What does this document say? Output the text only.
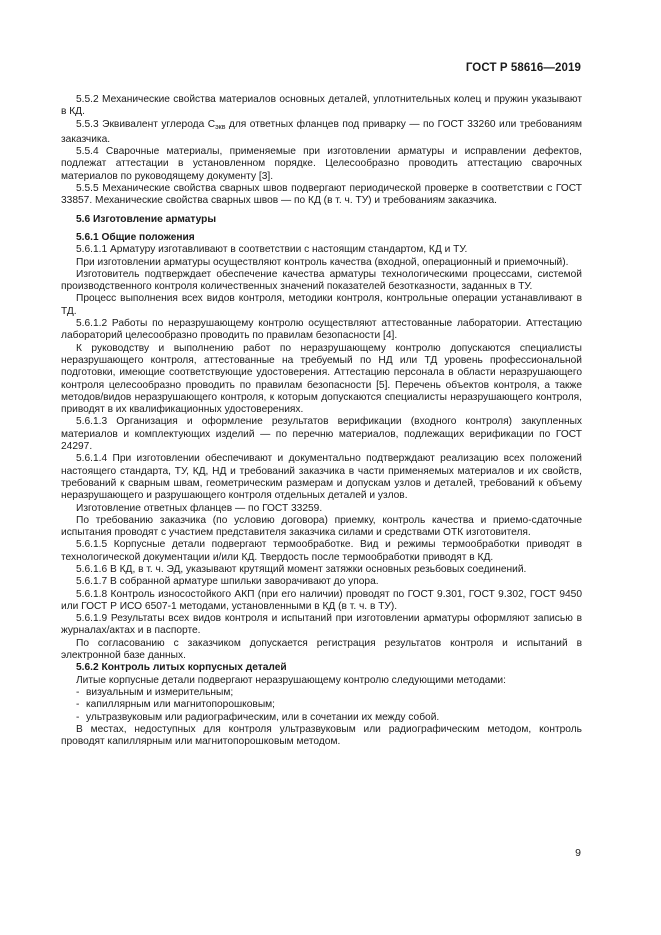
ГОСТ Р 58616—2019

5.5.2 Механические свойства материалов основных деталей, уплотнительных колец и пружин указывают в КД.

5.5.3 Эквивалент углерода $С_{экв}$ для ответных фланцев под приварку — по ГОСТ 33260 или требованиям заказчика.

5.5.4 Сварочные материалы, применяемые при изготовлении арматуры и исправлении дефектов, подлежат аттестации в установленном порядке. Целесообразно проводить аттестацию сварочных материалов по руководящему документу [3].

5.5.5 Механические свойства сварных швов подвергают периодической проверке в соответствии с ГОСТ 33857. Механические свойства сварных швов — по КД (в т. ч. ТУ) и требованиям заказчика.

5.6 Изготовление арматуры

5.6.1 Общие положения

5.6.1.1 Арматуру изготавливают в соответствии с настоящим стандартом, КД и ТУ.

При изготовлении арматуры осуществляют контроль качества (входной, операционный и приемочный).

Изготовитель подтверждает обеспечение качества арматуры технологическими процессами, системой производственного контроля количественных значений показателей безотказности, заданных в ТУ.

Процесс выполнения всех видов контроля, методики контроля, контрольные операции устанавливают в ТД.

5.6.1.2 Работы по неразрушающему контролю осуществляют аттестованные лаборатории. Аттестацию лабораторий целесообразно проводить по правилам безопасности [4].

К руководству и выполнению работ по неразрушающему контролю допускаются специалисты неразрушающего контроля, аттестованные на требуемый по НД или ТД уровень профессиональной подготовки, имеющие соответствующие удостоверения. Аттестацию персонала в области неразрушающего контроля целесообразно проводить по правилам безопасности [5]. Перечень объектов контроля, а также методов/видов неразрушающего контроля, к которым допускаются специалисты неразрушающего контроля, приводят в их квалификационных удостоверениях.

5.6.1.3 Организация и оформление результатов верификации (входного контроля) закупленных материалов и комплектующих изделий — по перечню материалов, подлежащих верификации по ГОСТ 24297.

5.6.1.4 При изготовлении обеспечивают и документально подтверждают реализацию всех положений настоящего стандарта, ТУ, КД, НД и требований заказчика в части применяемых материалов и их свойств, требований к сварным швам, геометрическим размерам и допускам узлов и деталей, требований к объему неразрушающего и разрушающего контроля отдельных деталей и узлов.

Изготовление ответных фланцев — по ГОСТ 33259.

По требованию заказчика (по условию договора) приемку, контроль качества и приемо-сдаточные испытания проводят с участием представителя заказчика силами и средствами ОТК изготовителя.

5.6.1.5 Корпусные детали подвергают термообработке. Вид и режимы термообработки приводят в технологической документации и/или КД. Твердость после термообработки приводят в КД.

5.6.1.6 В КД, в т. ч. ЭД, указывают крутящий момент затяжки основных резьбовых соединений.

5.6.1.7 В собранной арматуре шпильки заворачивают до упора.

5.6.1.8 Контроль износостойкого АКП (при его наличии) проводят по ГОСТ 9.301, ГОСТ 9.302, ГОСТ 9450 или ГОСТ Р ИСО 6507-1 методами, установленными в КД (в т. ч. в ТУ).

5.6.1.9 Результаты всех видов контроля и испытаний при изготовлении арматуры оформляют записью в журналах/актах и в паспорте.

По согласованию с заказчиком допускается регистрация результатов контроля и испытаний в электронной базе данных.

5.6.2 Контроль литых корпусных деталей

Литые корпусные детали подвергают неразрушающему контролю следующими методами:

- визуальным и измерительным;

- капиллярным или магнитопорошковым;

- ультразвуковым или радиографическим, или в сочетании их между собой.

В местах, недоступных для контроля ультразвуковым или радиографическим методом, контроль проводят капиллярным или магнитопорошковым методом.

9
